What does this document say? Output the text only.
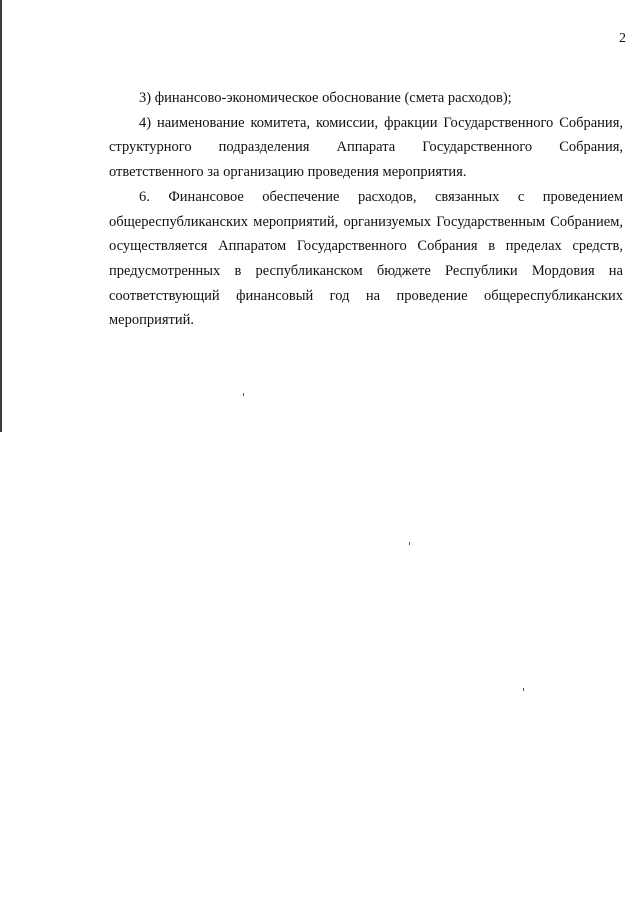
2

3) финансово-экономическое обоснование (смета расходов);

4) наименование комитета, комиссии, фракции Государственного Собрания, структурного подразделения Аппарата Государственного Собрания, ответственного за организацию проведения мероприятия.

6. Финансовое обеспечение расходов, связанных с проведением общереспубликанских мероприятий, организуемых Государственным Собранием, осуществляется Аппаратом Государственного Собрания в пределах средств, предусмотренных в республиканском бюджете Республики Мордовия на соответствующий финансовый год на проведение общереспубликанских мероприятий.
